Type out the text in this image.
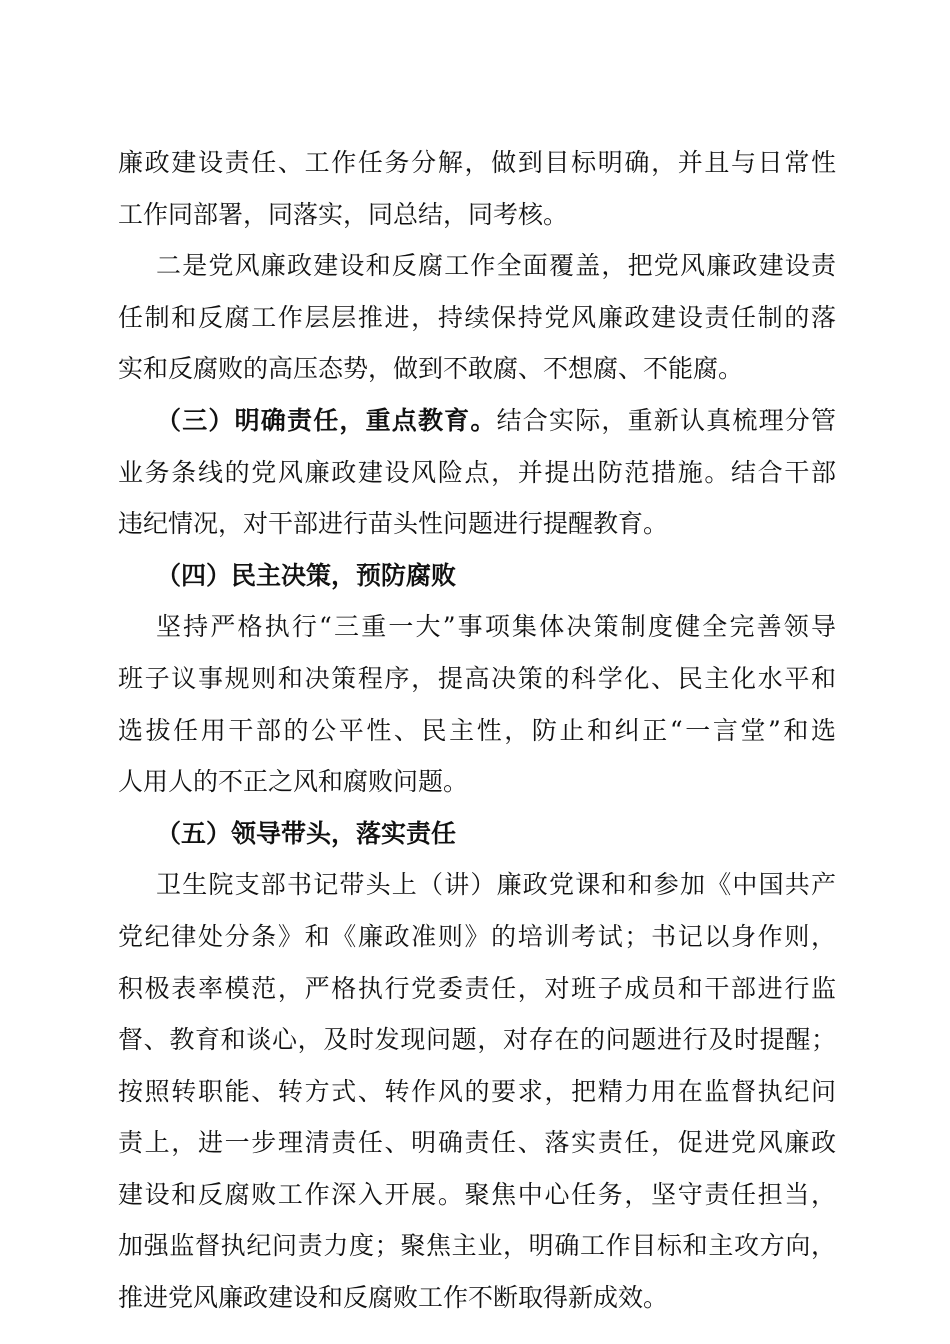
廉政建设责任、工作任务分解，做到目标明确，并且与日常性
工作同部署，同落实，同总结，同考核。
二是党风廉政建设和反腐工作全面覆盖，把党风廉政建设责
任制和反腐工作层层推进，持续保持党风廉政建设责任制的落
实和反腐败的高压态势，做到不敢腐、不想腐、不能腐。
（三）明确责任，重点教育。结合实际，重新认真梳理分管
业务条线的党风廉政建设风险点，并提出防范措施。结合干部
违纪情况，对干部进行苗头性问题进行提醒教育。
（四）民主决策，预防腐败
坚持严格执行“三重一大”事项集体决策制度健全完善领导
班子议事规则和决策程序，提高决策的科学化、民主化水平和
选拔任用干部的公平性、民主性，防止和纠正“一言堂”和选
人用人的不正之风和腐败问题。
（五）领导带头，落实责任
卫生院支部书记带头上（讲）廉政党课和和参加《中国共产
党纪律处分条》和《廉政准则》的培训考试；书记以身作则，
积极表率模范，严格执行党委责任，对班子成员和干部进行监
督、教育和谈心，及时发现问题，对存在的问题进行及时提醒；
按照转职能、转方式、转作风的要求，把精力用在监督执纪问
责上，进一步理清责任、明确责任、落实责任，促进党风廉政
建设和反腐败工作深入开展。聚焦中心任务，坚守责任担当，
加强监督执纪问责力度；聚焦主业，明确工作目标和主攻方向，
推进党风廉政建设和反腐败工作不断取得新成效。
